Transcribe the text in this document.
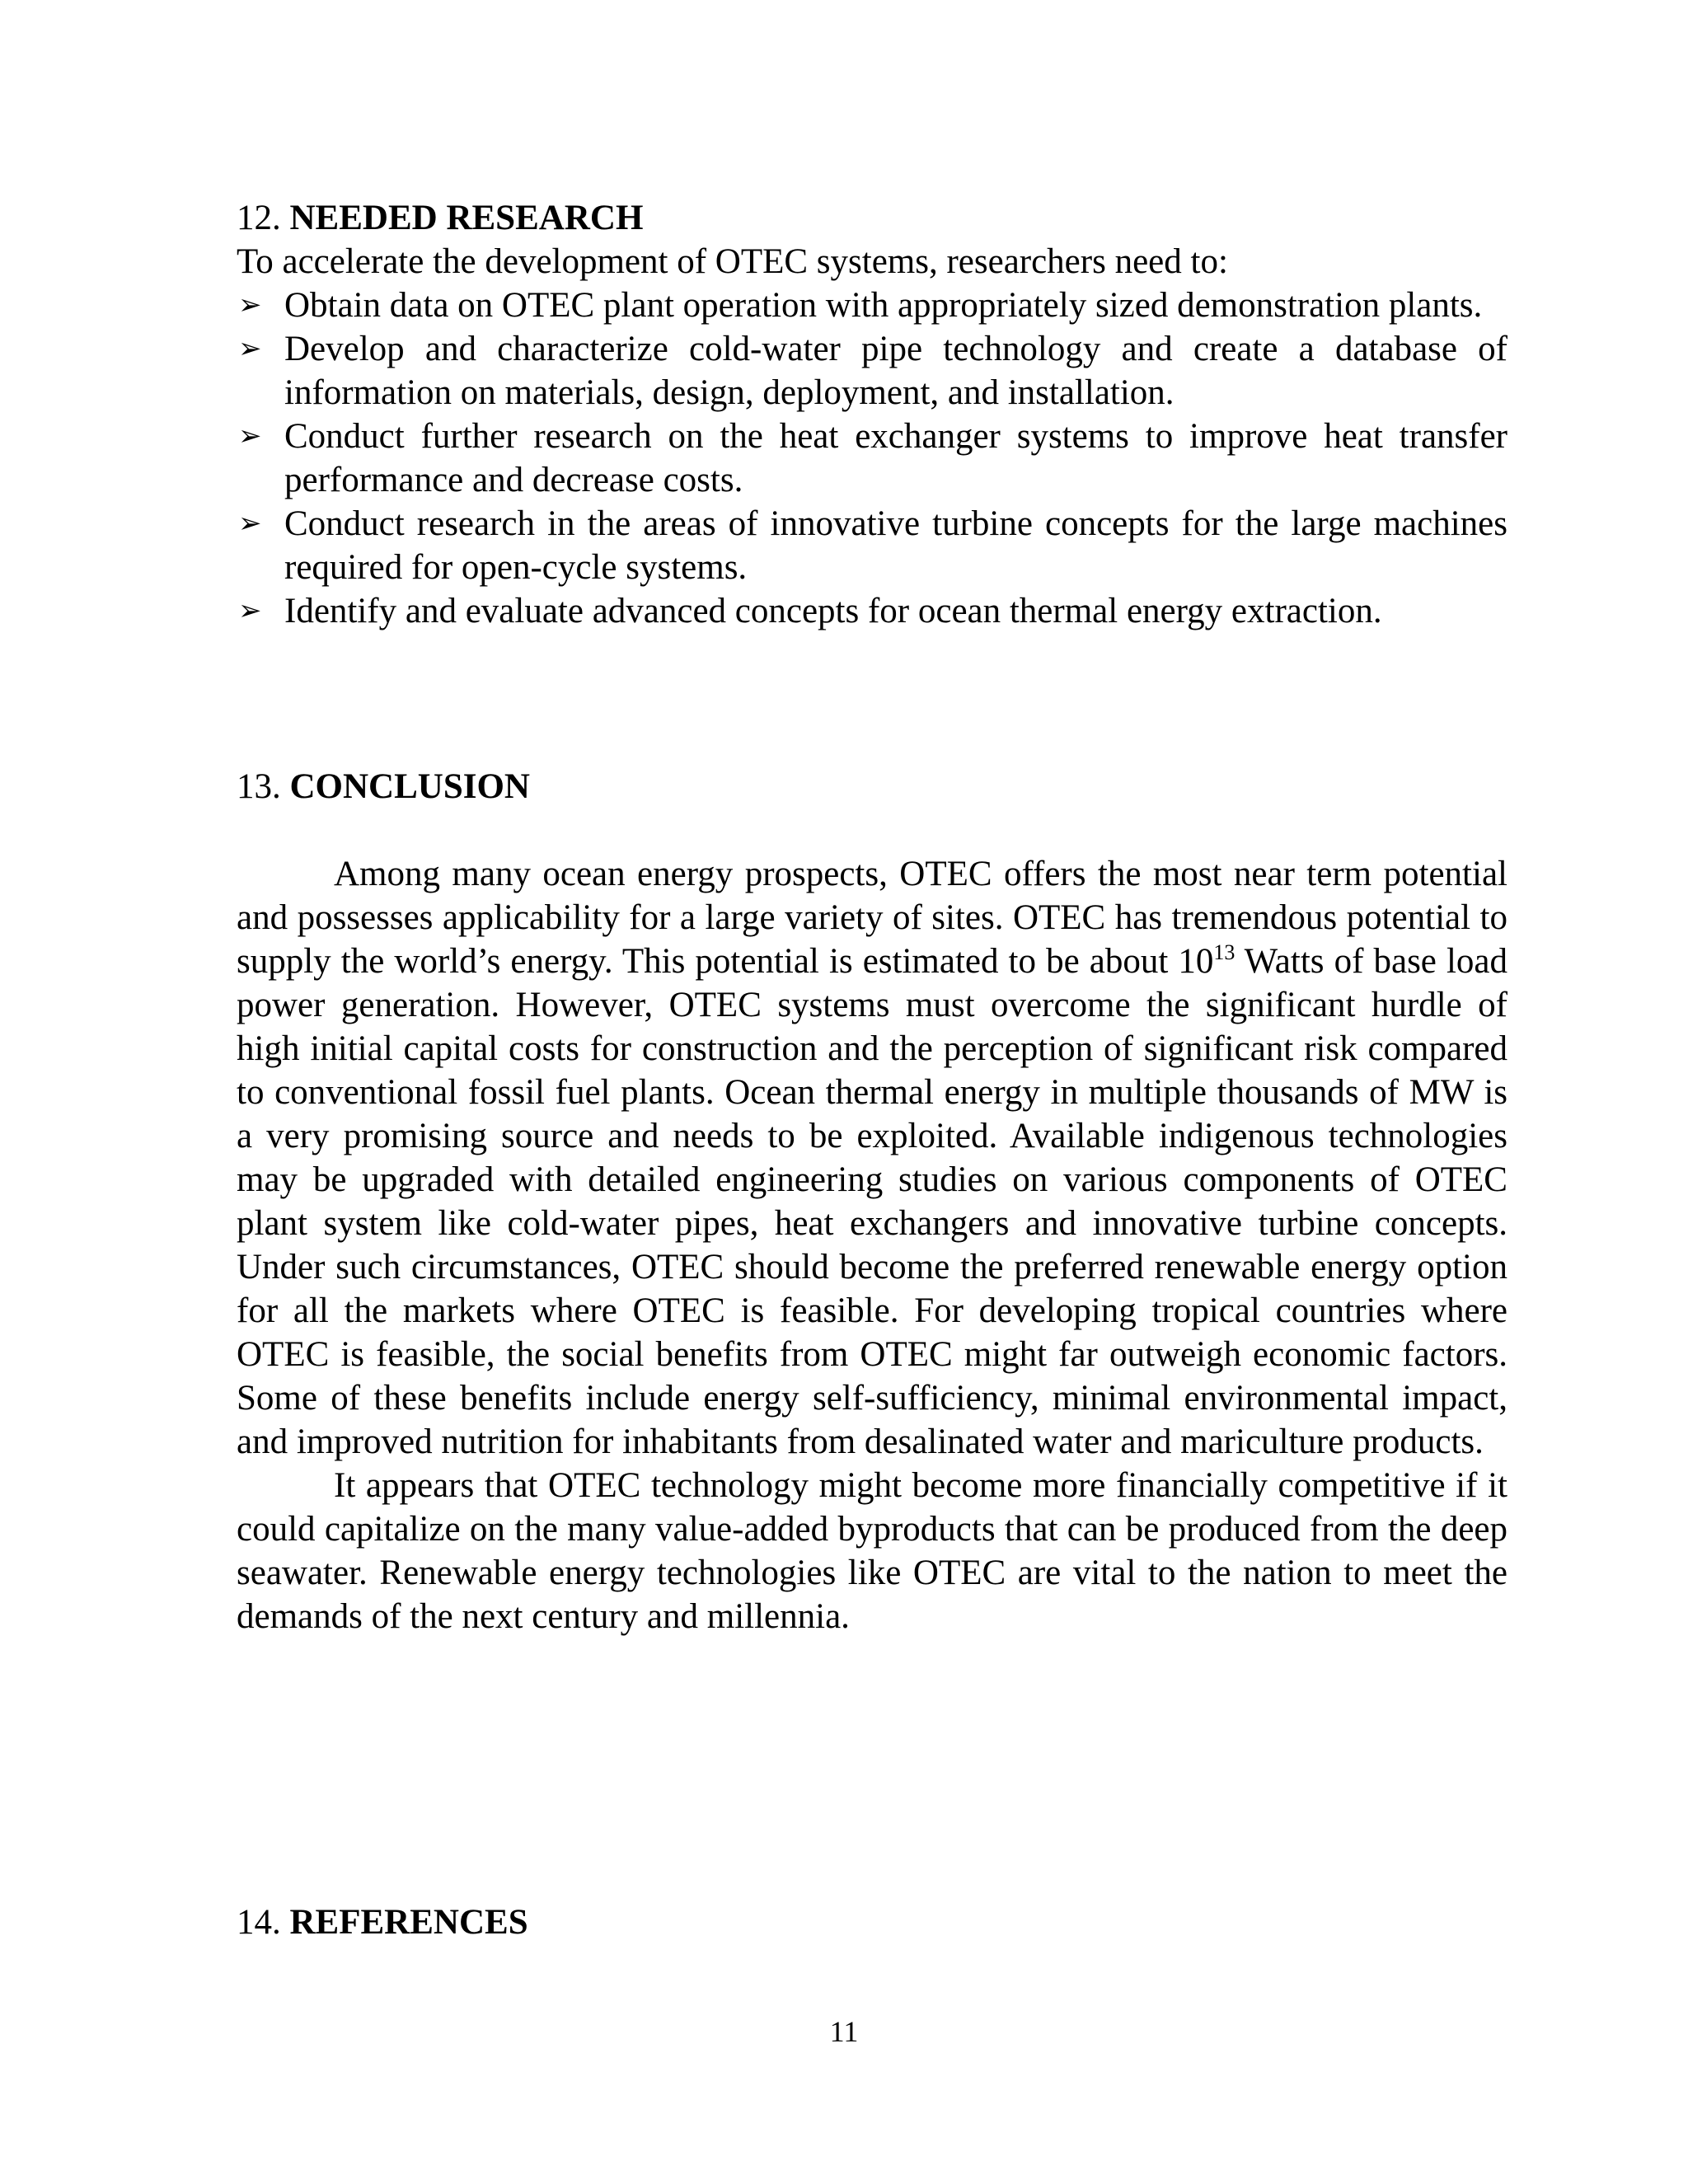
12. NEEDED RESEARCH

To accelerate the development of OTEC systems, researchers need to:

➢ Obtain data on OTEC plant operation with appropriately sized demonstration plants.
➢ Develop and characterize cold-water pipe technology and create a database of information on materials, design, deployment, and installation.
➢ Conduct further research on the heat exchanger systems to improve heat transfer performance and decrease costs.
➢ Conduct research in the areas of innovative turbine concepts for the large machines required for open-cycle systems.
➢ Identify and evaluate advanced concepts for ocean thermal energy extraction.
13. CONCLUSION

Among many ocean energy prospects, OTEC offers the most near term potential and possesses applicability for a large variety of sites. OTEC has tremendous potential to supply the world’s energy. This potential is estimated to be about $10^{13}$ Watts of base load power generation. However, OTEC systems must overcome the significant hurdle of high initial capital costs for construction and the perception of significant risk compared to conventional fossil fuel plants. Ocean thermal energy in multiple thousands of MW is a very promising source and needs to be exploited. Available indigenous technologies may be upgraded with detailed engineering studies on various components of OTEC plant system like cold-water pipes, heat exchangers and innovative turbine concepts. Under such circumstances, OTEC should become the preferred renewable energy option for all the markets where OTEC is feasible. For developing tropical countries where OTEC is feasible, the social benefits from OTEC might far outweigh economic factors. Some of these benefits include energy self-sufficiency, minimal environmental impact, and improved nutrition for inhabitants from desalinated water and mariculture products.

It appears that OTEC technology might become more financially competitive if it could capitalize on the many value-added byproducts that can be produced from the deep seawater. Renewable energy technologies like OTEC are vital to the nation to meet the demands of the next century and millennia.

14. REFERENCES
11
